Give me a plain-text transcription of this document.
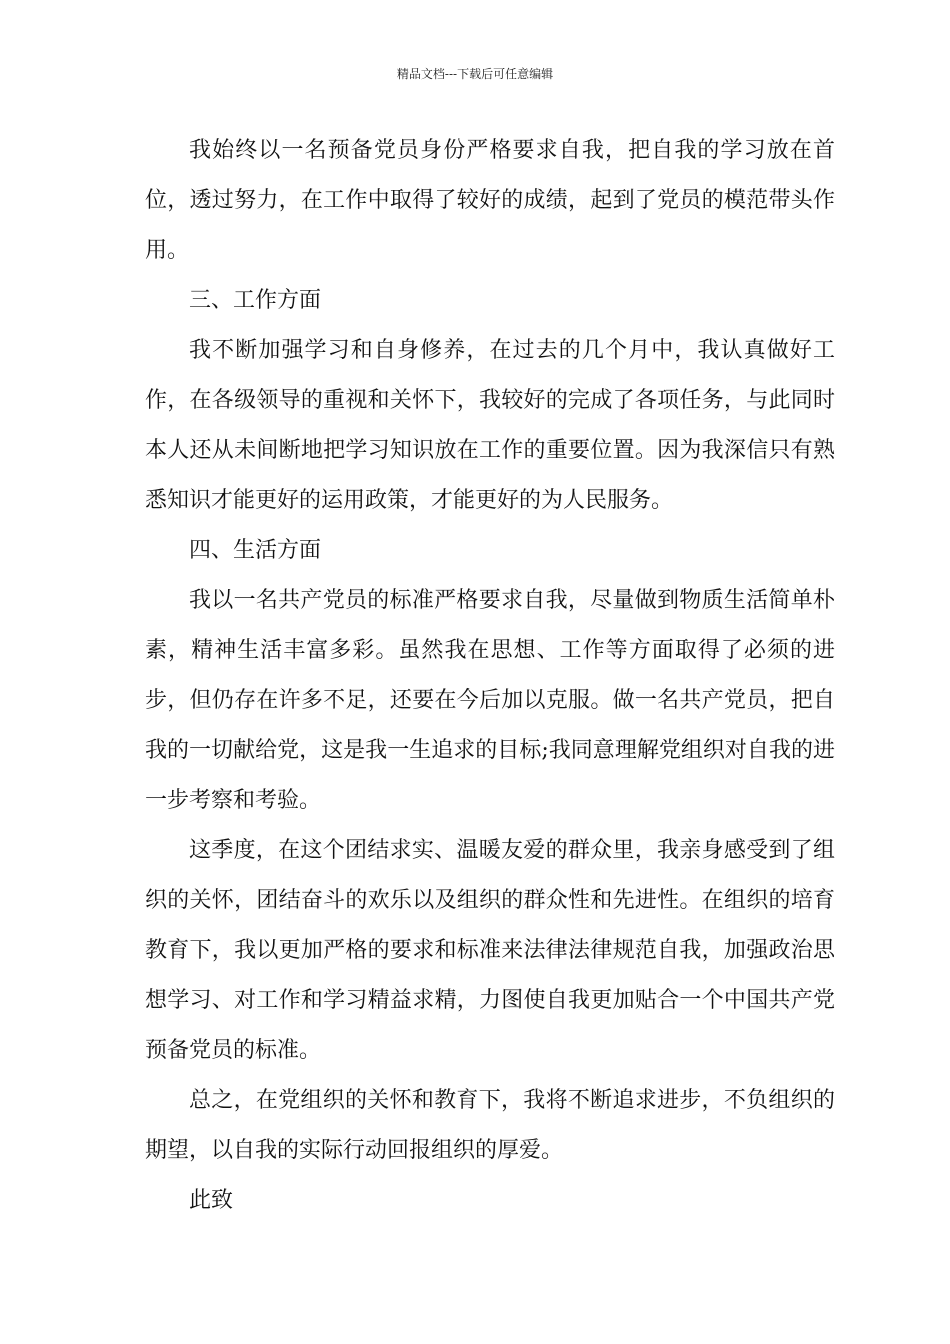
精品文档---下载后可任意编辑

我始终以一名预备党员身份严格要求自我，把自我的学习放在首位，透过努力，在工作中取得了较好的成绩，起到了党员的模范带头作用。

三、工作方面

我不断加强学习和自身修养，在过去的几个月中，我认真做好工作，在各级领导的重视和关怀下，我较好的完成了各项任务，与此同时本人还从未间断地把学习知识放在工作的重要位置。因为我深信只有熟悉知识才能更好的运用政策，才能更好的为人民服务。

四、生活方面

我以一名共产党员的标准严格要求自我，尽量做到物质生活简单朴素，精神生活丰富多彩。虽然我在思想、工作等方面取得了必须的进步，但仍存在许多不足，还要在今后加以克服。做一名共产党员，把自我的一切献给党，这是我一生追求的目标;我同意理解党组织对自我的进一步考察和考验。

这季度，在这个团结求实、温暖友爱的群众里，我亲身感受到了组织的关怀，团结奋斗的欢乐以及组织的群众性和先进性。在组织的培育教育下，我以更加严格的要求和标准来法律法律规范自我，加强政治思想学习、对工作和学习精益求精，力图使自我更加贴合一个中国共产党预备党员的标准。

总之，在党组织的关怀和教育下，我将不断追求进步，不负组织的期望，以自我的实际行动回报组织的厚爱。

此致
